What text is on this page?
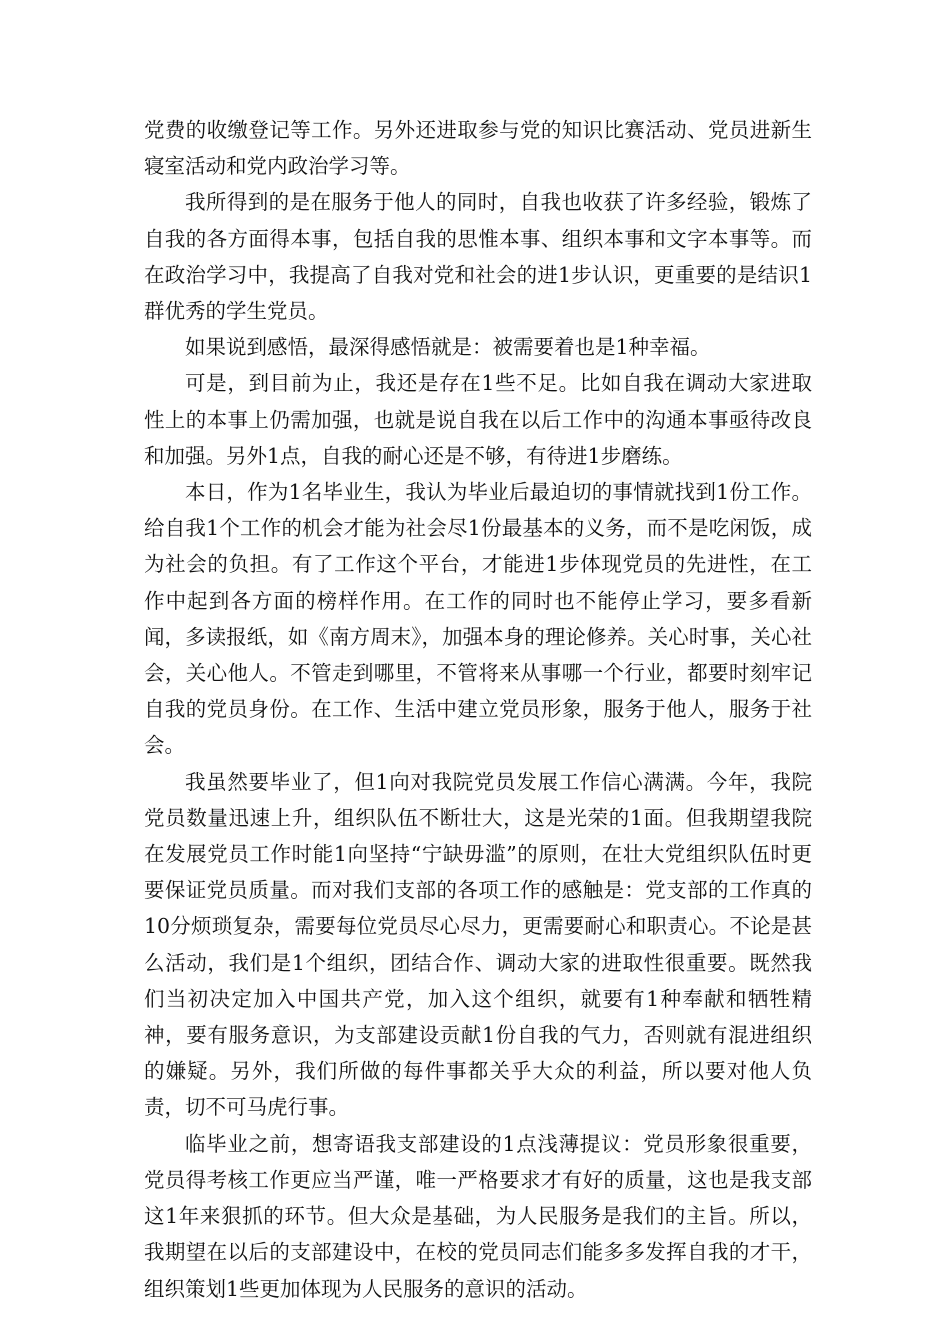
党费的收缴登记等工作。另外还进取参与党的知识比赛活动、党员进新生寝室活动和党内政治学习等。

我所得到的是在服务于他人的同时，自我也收获了许多经验，锻炼了自我的各方面得本事，包括自我的思惟本事、组织本事和文字本事等。而在政治学习中，我提高了自我对党和社会的进1步认识，更重要的是结识1群优秀的学生党员。

如果说到感悟，最深得感悟就是：被需要着也是1种幸福。

可是，到目前为止，我还是存在1些不足。比如自我在调动大家进取性上的本事上仍需加强，也就是说自我在以后工作中的沟通本事亟待改良和加强。另外1点，自我的耐心还是不够，有待进1步磨练。

本日，作为1名毕业生，我认为毕业后最迫切的事情就找到1份工作。给自我1个工作的机会才能为社会尽1份最基本的义务，而不是吃闲饭，成为社会的负担。有了工作这个平台，才能进1步体现党员的先进性，在工作中起到各方面的榜样作用。在工作的同时也不能停止学习，要多看新闻，多读报纸，如《南方周末》，加强本身的理论修养。关心时事，关心社会，关心他人。不管走到哪里，不管将来从事哪一个行业，都要时刻牢记自我的党员身份。在工作、生活中建立党员形象，服务于他人，服务于社会。

我虽然要毕业了，但1向对我院党员发展工作信心满满。今年，我院党员数量迅速上升，组织队伍不断壮大，这是光荣的1面。但我期望我院在发展党员工作时能1向坚持“宁缺毋滥”的原则，在壮大党组织队伍时更要保证党员质量。而对我们支部的各项工作的感触是：党支部的工作真的10分烦琐复杂，需要每位党员尽心尽力，更需要耐心和职责心。不论是甚么活动，我们是1个组织，团结合作、调动大家的进取性很重要。既然我们当初决定加入中国共产党，加入这个组织，就要有1种奉献和牺牲精神，要有服务意识，为支部建设贡献1份自我的气力，否则就有混进组织的嫌疑。另外，我们所做的每件事都关乎大众的利益，所以要对他人负责，切不可马虎行事。

临毕业之前，想寄语我支部建设的1点浅薄提议：党员形象很重要，党员得考核工作更应当严谨，唯一严格要求才有好的质量，这也是我支部这1年来狠抓的环节。但大众是基础，为人民服务是我们的主旨。所以，我期望在以后的支部建设中，在校的党员同志们能多多发挥自我的才干，组织策划1些更加体现为人民服务的意识的活动。
